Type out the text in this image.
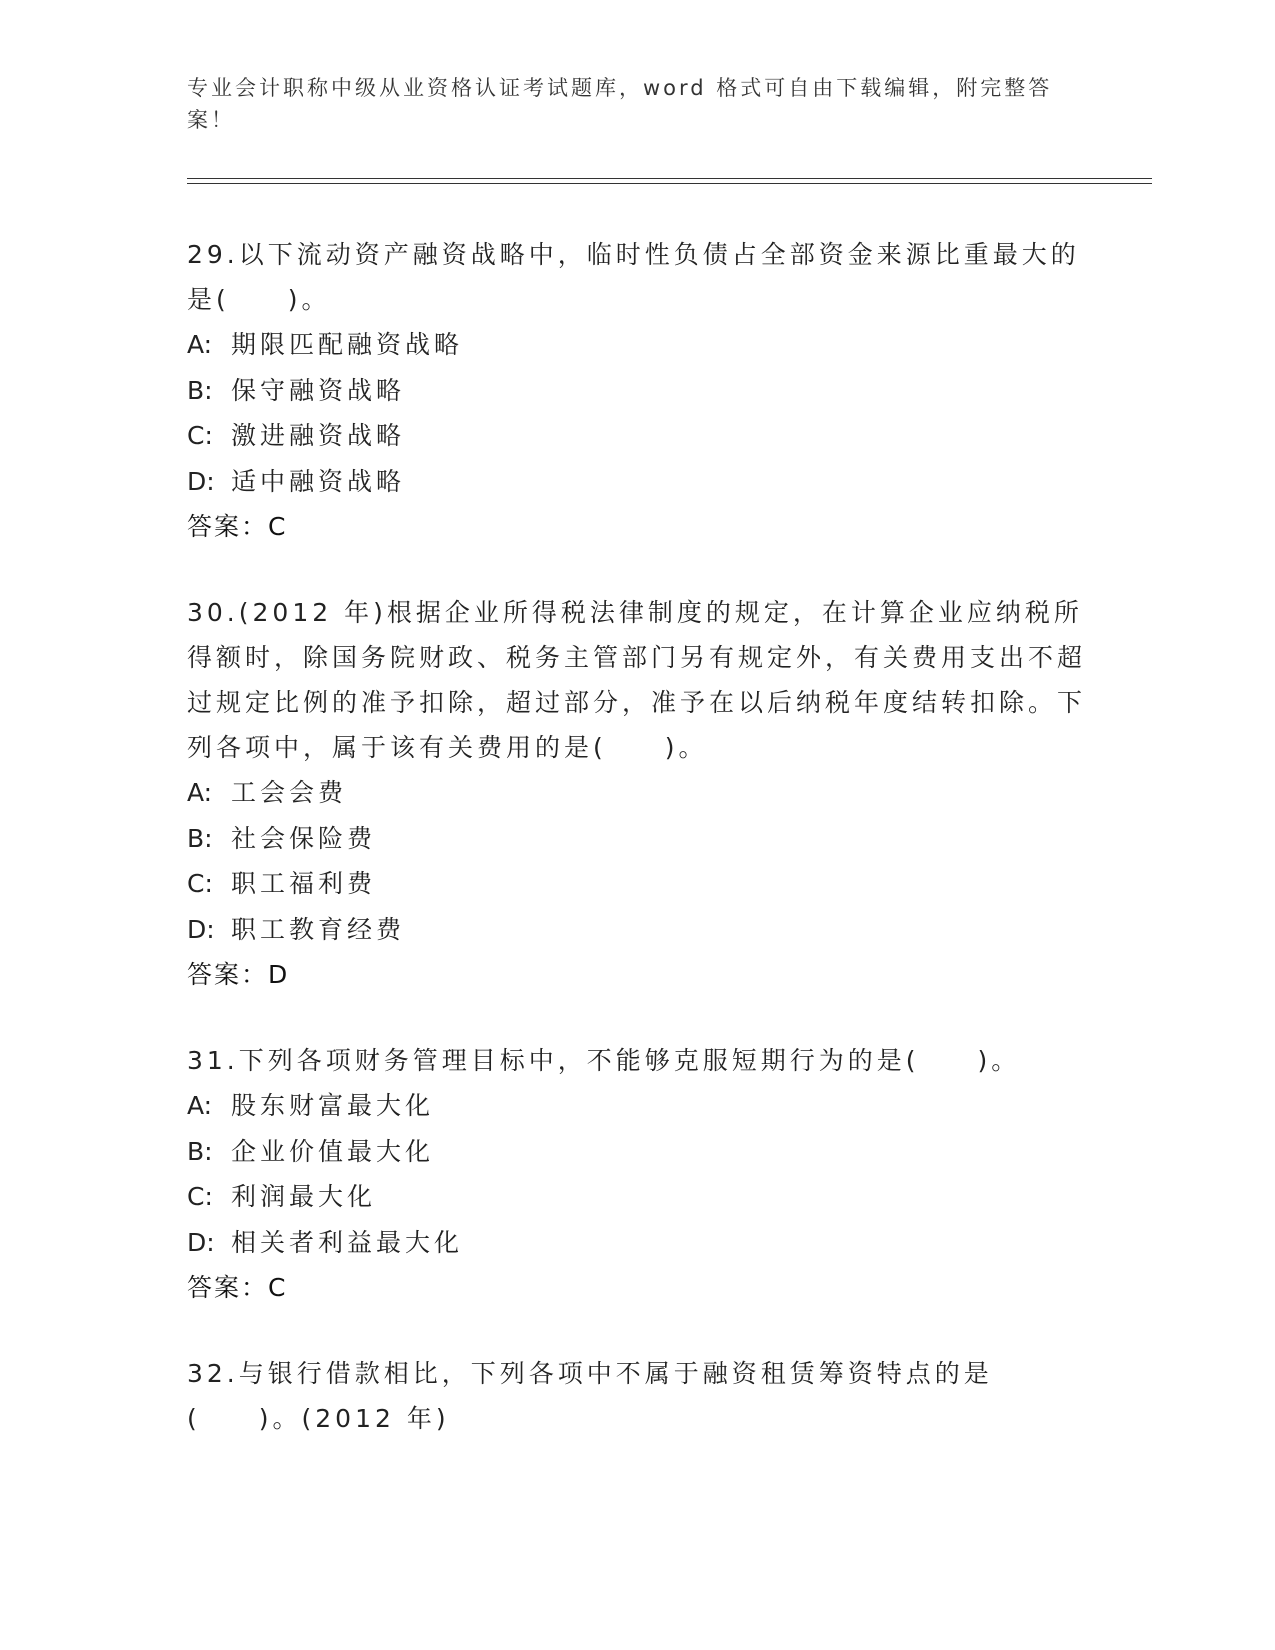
专业会计职称中级从业资格认证考试题库，word 格式可自由下载编辑，附完整答案！

29.以下流动资产融资战略中，临时性负债占全部资金来源比重最大的是(　　)。

A: 期限匹配融资战略
B: 保守融资战略
C: 激进融资战略
D: 适中融资战略
答案：C

30.(2012 年)根据企业所得税法律制度的规定，在计算企业应纳税所得额时，除国务院财政、税务主管部门另有规定外，有关费用支出不超过规定比例的准予扣除，超过部分，准予在以后纳税年度结转扣除。下列各项中，属于该有关费用的是(　　)。

A: 工会会费
B: 社会保险费
C: 职工福利费
D: 职工教育经费
答案：D

31.下列各项财务管理目标中，不能够克服短期行为的是(　　)。

A: 股东财富最大化
B: 企业价值最大化
C: 利润最大化
D: 相关者利益最大化
答案：C

32.与银行借款相比，下列各项中不属于融资租赁筹资特点的是(　　)。(2012 年)
